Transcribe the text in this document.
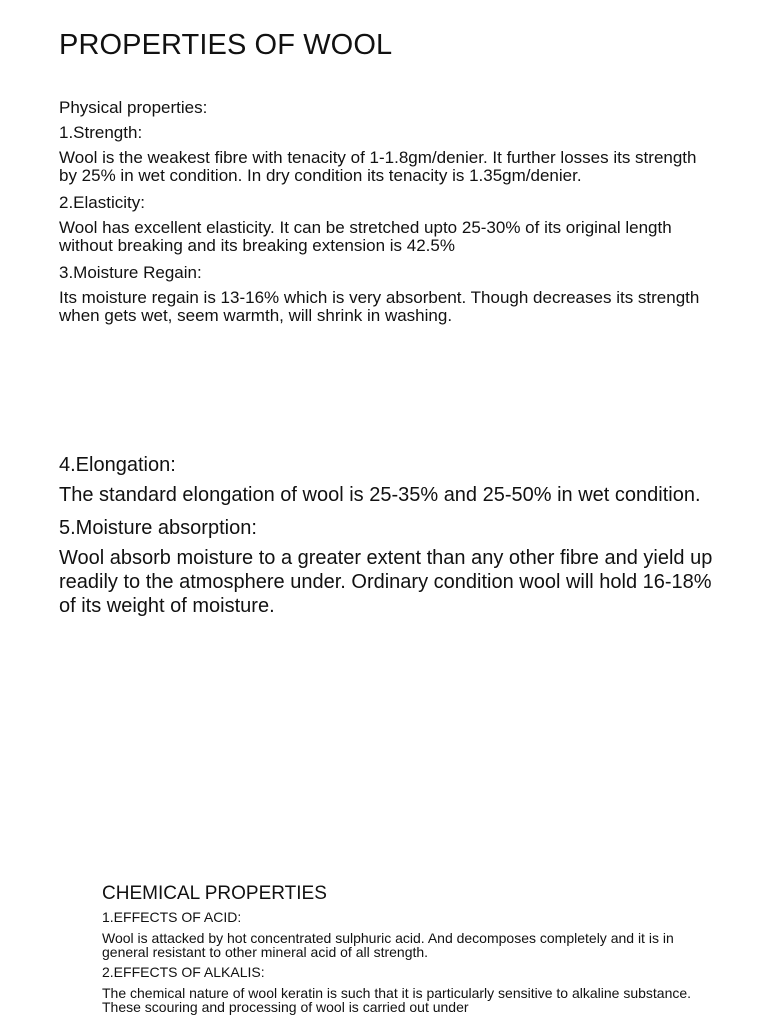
PROPERTIES OF WOOL

Physical properties:

1.Strength:

Wool is the weakest fibre with tenacity of 1-1.8gm/denier. It further losses its strength by 25% in wet condition. In dry condition its tenacity is 1.35gm/denier.

2.Elasticity:

Wool has excellent elasticity. It can be stretched upto 25-30% of its original length without breaking and its breaking extension is 42.5%

3.Moisture Regain:

Its moisture regain is 13-16% which is very absorbent. Though decreases its strength when gets wet, seem warmth, will shrink in washing.

4.Elongation:

The standard elongation of wool is 25-35% and 25-50% in wet condition.

5.Moisture absorption:

Wool absorb moisture to a greater extent than any other fibre and yield up readily to the atmosphere under. Ordinary condition wool will hold 16-18% of its weight of moisture.

CHEMICAL PROPERTIES

1.EFFECTS OF ACID:

Wool is attacked by hot concentrated sulphuric acid. And decomposes completely and it is in general resistant to other mineral acid of all strength.

2.EFFECTS OF ALKALIS:

The chemical nature of wool keratin is such that it is particularly sensitive to alkaline substance. These scouring and processing of wool is carried out under
